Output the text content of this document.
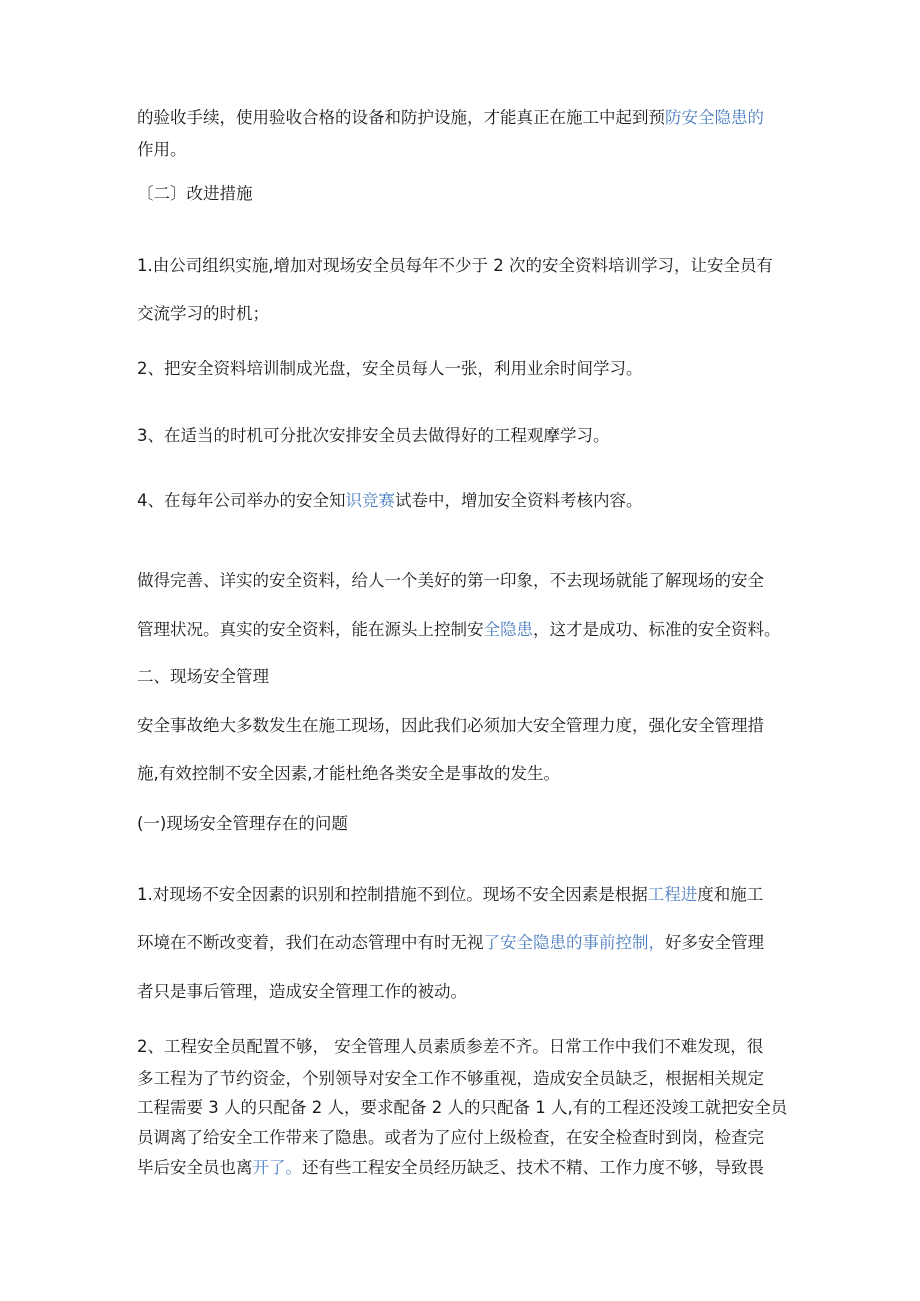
的验收手续，使用验收合格的设备和防护设施，才能真正在施工中起到预防安全隐患的
作用。
〔二〕改进措施
1.由公司组织实施,增加对现场安全员每年不少于 2 次的安全资料培训学习，让安全员有
交流学习的时机；
2、把安全资料培训制成光盘，安全员每人一张，利用业余时间学习。
3、在适当的时机可分批次安排安全员去做得好的工程观摩学习。
4、在每年公司举办的安全知识竞赛试卷中，增加安全资料考核内容。
做得完善、详实的安全资料，给人一个美好的第一印象，不去现场就能了解现场的安全
管理状况。真实的安全资料，能在源头上控制安全隐患，这才是成功、标准的安全资料。
二、现场安全管理
安全事故绝大多数发生在施工现场，因此我们必须加大安全管理力度，强化安全管理措
施,有效控制不安全因素,才能杜绝各类安全是事故的发生。
(一)现场安全管理存在的问题
1.对现场不安全因素的识别和控制措施不到位。现场不安全因素是根据工程进度和施工
环境在不断改变着，我们在动态管理中有时无视了安全隐患的事前控制，好多安全管理
者只是事后管理，造成安全管理工作的被动。
2、工程安全员配置不够， 安全管理人员素质参差不齐。日常工作中我们不难发现，很
多工程为了节约资金，个别领导对安全工作不够重视，造成安全员缺乏，根据相关规定
工程需要 3 人的只配备 2 人，要求配备 2 人的只配备 1 人,有的工程还没竣工就把安全员
员调离了给安全工作带来了隐患。或者为了应付上级检查，在安全检查时到岗，检查完
毕后安全员也离开了。还有些工程安全员经历缺乏、技术不精、工作力度不够，导致畏
